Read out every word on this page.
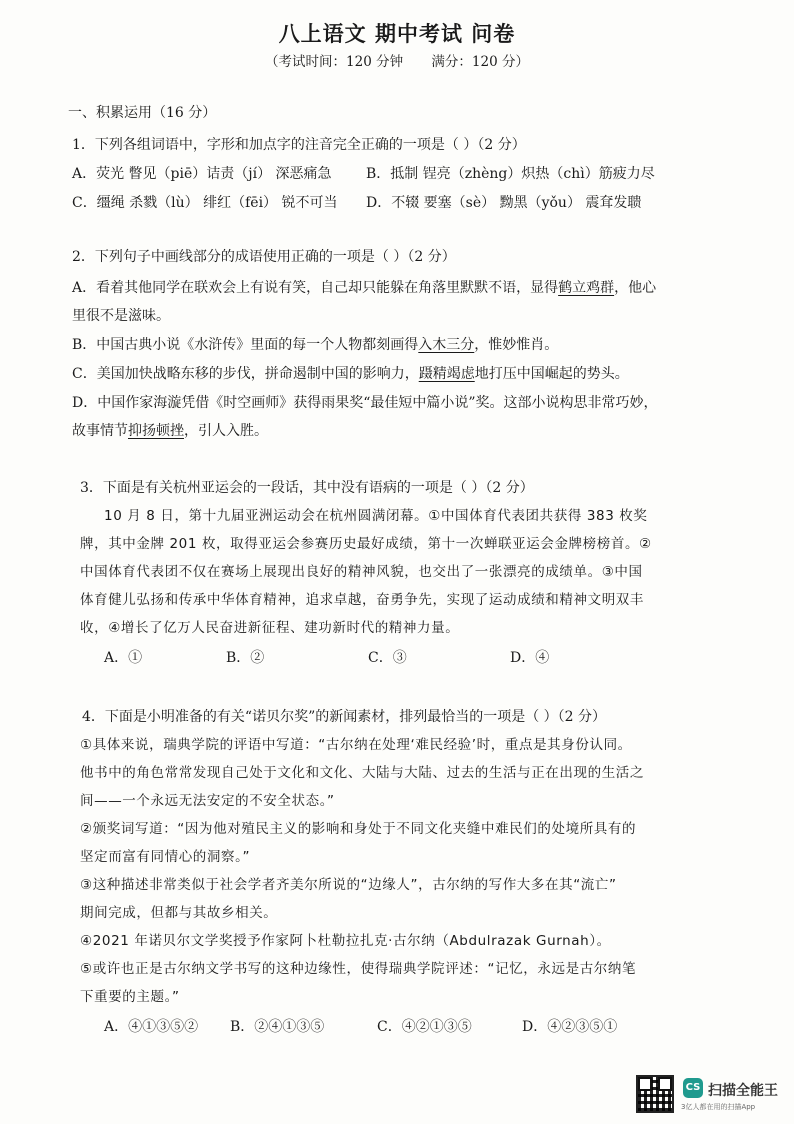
八上语文 期中考试 问卷
（考试时间：120 分钟 满分：120 分）
一、积累运用（16 分）
1．下列各组词语中，字形和加点字的注音完全正确的一项是（ ）（2 分）
A．荧光 瞥见（piē）诘责（jí） 深恶痛急 B．抵制 锃亮（zhèng）炽热（chì）筋疲力尽
C．缰绳 杀戮（lù） 绯红（fēi） 锐不可当 D．不辍 要塞（sè） 黝黑（yǒu） 震耷发聩
2．下列句子中画线部分的成语使用正确的一项是（ ）（2 分）
A．看着其他同学在联欢会上有说有笑，自己却只能躲在角落里默默不语，显得鹤立鸡群，他心
里很不是滋味。
B．中国古典小说《水浒传》里面的每一个人物都刻画得入木三分，惟妙惟肖。
C．美国加快战略东移的步伐，拼命遏制中国的影响力，蹑精竭虑地打压中国崛起的势头。
D．中国作家海漩凭借《时空画师》获得雨果奖“最佳短中篇小说”奖。这部小说构思非常巧妙，
故事情节抑扬顿挫，引人入胜。
3．下面是有关杭州亚运会的一段话，其中没有语病的一项是（ ）（2 分）
10 月 8 日，第十九届亚洲运动会在杭州圆满闭幕。①中国体育代表团共获得 383 枚奖
牌，其中金牌 201 枚，取得亚运会参赛历史最好成绩，第十一次蝉联亚运会金牌榜榜首。②
中国体育代表团不仅在赛场上展现出良好的精神风貌，也交出了一张漂亮的成绩单。③中国
体育健儿弘扬和传承中华体育精神，追求卓越，奋勇争先，实现了运动成绩和精神文明双丰
收，④增长了亿万人民奋进新征程、建功新时代的精神力量。
A．①	B．②	C．③	D．④
4．下面是小明准备的有关“诺贝尔奖”的新闻素材，排列最恰当的一项是（ ）（2 分）
①具体来说，瑞典学院的评语中写道：“古尔纳在处理‘难民经验’时，重点是其身份认同。
他书中的角色常常发现自己处于文化和文化、大陆与大陆、过去的生活与正在出现的生活之
间——一个永远无法安定的不安全状态。”
②颁奖词写道：“因为他对殖民主义的影响和身处于不同文化夹缝中难民们的处境所具有的
坚定而富有同情心的洞察。”
③这种描述非常类似于社会学者齐美尔所说的“边缘人”，古尔纳的写作大多在其“流亡”
期间完成，但都与其故乡相关。
④2021 年诺贝尔文学奖授予作家阿卜杜勒拉扎克·古尔纳（Abdulrazak Gurnah）。
⑤或许也正是古尔纳文学书写的这种边缘性，使得瑞典学院评述：“记忆，永远是古尔纳笔
下重要的主题。”
A．④①③⑤② B．②④①③⑤	C．④②①③⑤	D．④②③⑤①
CS 扫描全能王
3亿人都在用的扫描App
